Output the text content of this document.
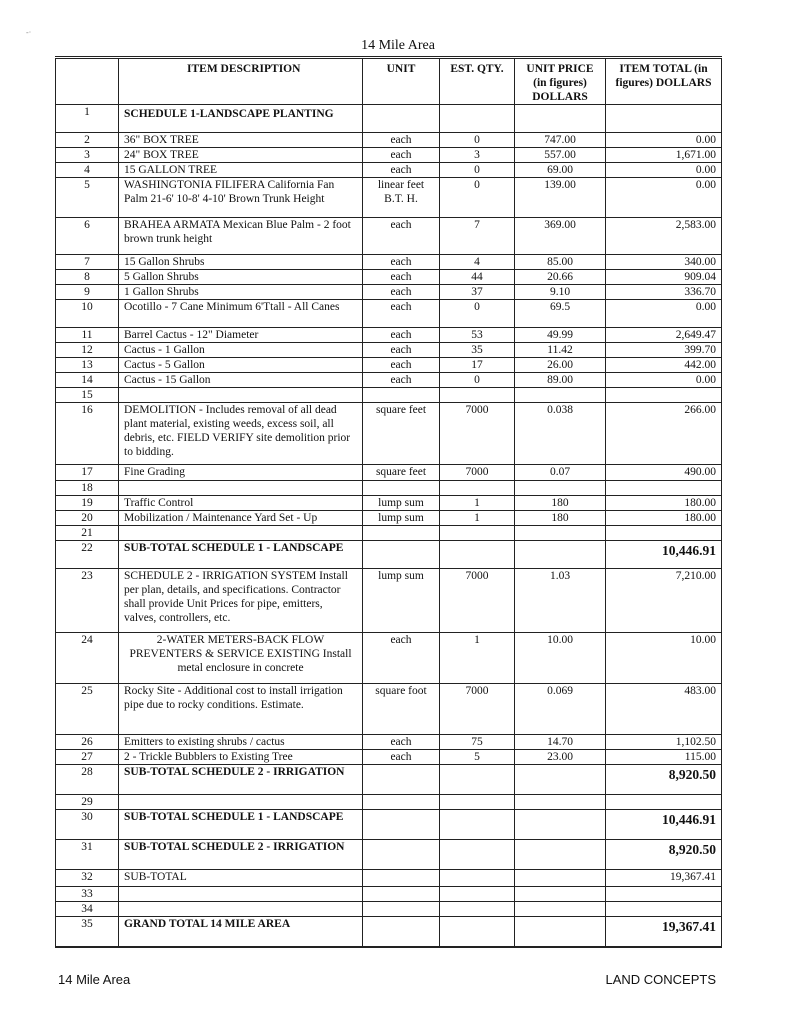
-·
14 Mile Area
	ITEM DESCRIPTION	UNIT	EST. QTY.	UNIT PRICE (in figures) DOLLARS	ITEM TOTAL (in figures) DOLLARS
1	SCHEDULE 1-LANDSCAPE PLANTING				
2	36" BOX TREE	each	0	747.00	0.00
3	24" BOX TREE	each	3	557.00	1,671.00
4	15 GALLON TREE	each	0	69.00	0.00
5	WASHINGTONIA FILIFERA California Fan Palm 21-6' 10-8' 4-10' Brown Trunk Height	linear feet B.T. H.	0	139.00	0.00
6	BRAHEA ARMATA Mexican Blue Palm - 2 foot brown trunk height	each	7	369.00	2,583.00
7	15 Gallon Shrubs	each	4	85.00	340.00
8	5 Gallon Shrubs	each	44	20.66	909.04
9	1 Gallon Shrubs	each	37	9.10	336.70
10	Ocotillo - 7 Cane Minimum 6'Ttall - All Canes	each	0	69.5	0.00
11	Barrel Cactus - 12" Diameter	each	53	49.99	2,649.47
12	Cactus - 1 Gallon	each	35	11.42	399.70
13	Cactus - 5 Gallon	each	17	26.00	442.00
14	Cactus - 15 Gallon	each	0	89.00	0.00
15					
16	DEMOLITION - Includes removal of all dead plant material, existing weeds, excess soil, all debris, etc. FIELD VERIFY site demolition prior to bidding.	square feet	7000	0.038	266.00
17	Fine Grading	square feet	7000	0.07	490.00
18					
19	Traffic Control	lump sum	1	180	180.00
20	Mobilization / Maintenance Yard Set - Up	lump sum	1	180	180.00
21					
22	SUB-TOTAL SCHEDULE 1 - LANDSCAPE				10,446.91
23	SCHEDULE 2 - IRRIGATION SYSTEM Install per plan, details, and specifications. Contractor shall provide Unit Prices for pipe, emitters, valves, controllers, etc.	lump sum	7000	1.03	7,210.00
24	2-WATER METERS-BACK FLOW PREVENTERS & SERVICE EXISTING Install metal enclosure in concrete	each	1	10.00	10.00
25	Rocky Site - Additional cost to install irrigation pipe due to rocky conditions. Estimate.	square foot	7000	0.069	483.00
26	Emitters to existing shrubs / cactus	each	75	14.70	1,102.50
27	2 - Trickle Bubblers to Existing Tree	each	5	23.00	115.00
28	SUB-TOTAL SCHEDULE 2 - IRRIGATION				8,920.50
29					
30	SUB-TOTAL SCHEDULE 1 - LANDSCAPE				10,446.91
31	SUB-TOTAL SCHEDULE 2 - IRRIGATION				8,920.50
32	SUB-TOTAL				19,367.41
33					
34					
35	GRAND TOTAL 14 MILE AREA				19,367.41
14 Mile Area	LAND CONCEPTS
